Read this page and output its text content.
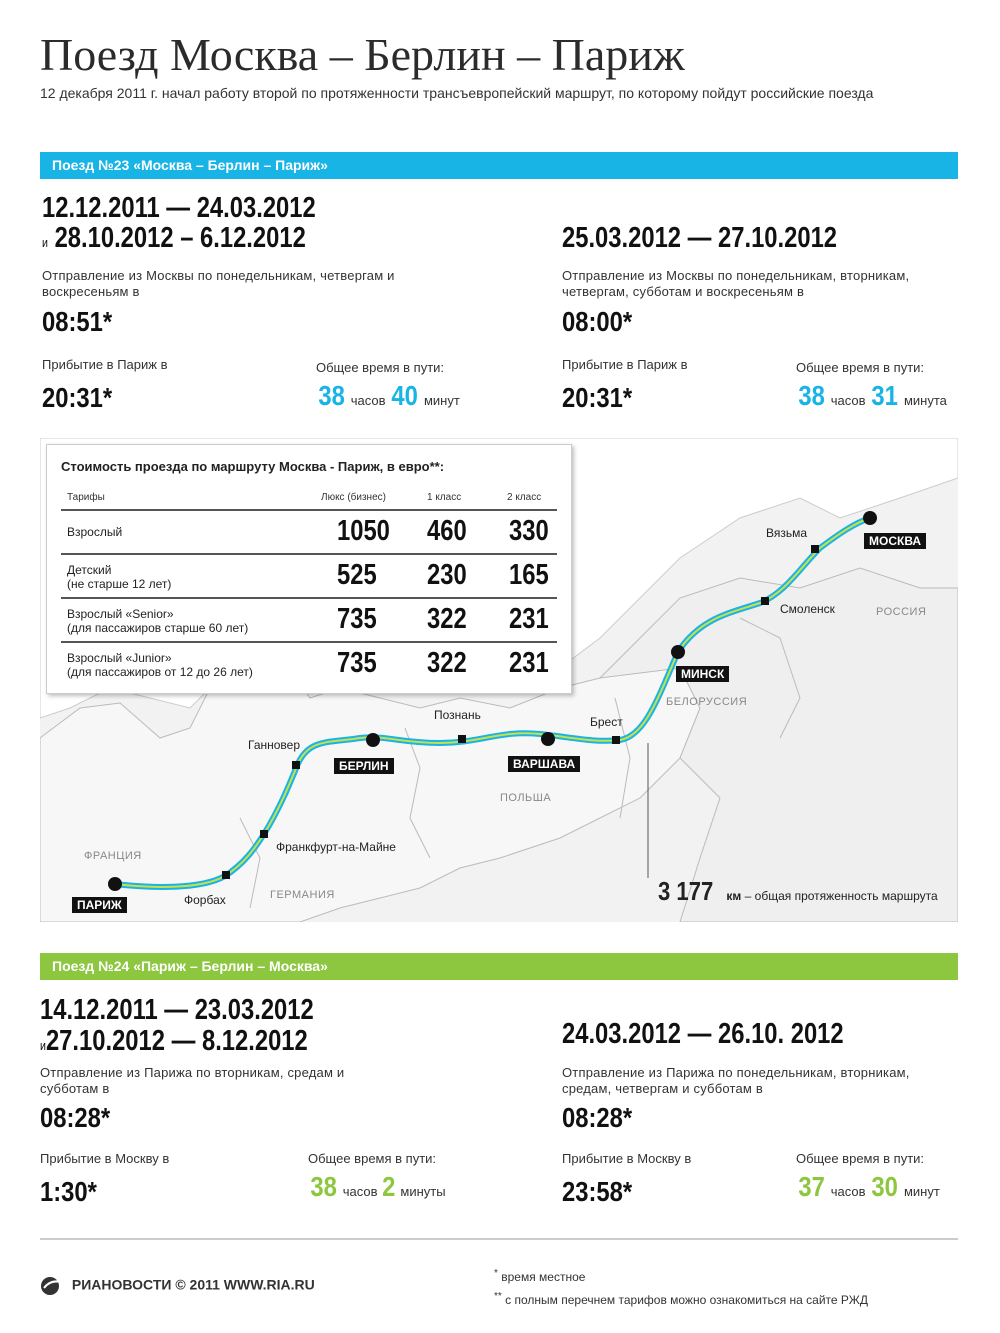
Поезд Москва – Берлин – Париж
12 декабря 2011 г. начал работу второй по протяженности трансъевропейский маршрут, по которому пойдут российские поезда
Поезд №23 «Москва – Берлин – Париж»
12.12.2011 — 24.03.2012
и 28.10.2012 – 6.12.2012
Отправление из Москвы по понедельникам, четвергам и воскресеньям в
08:51*
Прибытие в Париж в
20:31*
Общее время в пути:
38 часов 40 минут
25.03.2012 — 27.10.2012
Отправление из Москвы по понедельникам, вторникам, четвергам, субботам и воскресеньям в
08:00*
Прибытие в Париж в
20:31*
Общее время в пути:
38 часов 31 минута
МОСКВА
Вязьма
Смоленск
МИНСК
Брест
ВАРШАВА
Познань
БЕРЛИН
Ганновер
Франкфурт-на-Майне
Форбах
ПАРИЖ
РОССИЯ
БЕЛОРУССИЯ
ПОЛЬША
ГЕРМАНИЯ
ФРАНЦИЯ
3 177 км – общая протяженность маршрута
Стоимость проезда по маршруту Москва - Париж, в евро**:
Тарифы	Люкс (бизнес)	1 класс	2 класс
Взрослый	1050 460 330
Детский
(не старше 12 лет)	525 230 165
Взрослый «Senior»
(для пассажиров старше 60 лет)	735 322 231
Взрослый «Junior»
(для пассажиров от 12 до 26 лет)	735 322 231
Поезд №24 «Париж – Берлин – Москва»
14.12.2011 — 23.03.2012
и27.10.2012 — 8.12.2012
Отправление из Парижа по вторникам, средам и субботам в
08:28*
Прибытие в Москву в
1:30*
Общее время в пути:
38 часов 2 минуты
24.03.2012 — 26.10. 2012
Отправление из Парижа по понедельникам, вторникам, средам, четвергам и субботам в
08:28*
Прибытие в Москву в
23:58*
Общее время в пути:
37 часов 30 минут
РИАНОВОСТИ © 2011 WWW.RIA.RU
* время местное
** с полным перечнем тарифов можно ознакомиться на сайте РЖД
